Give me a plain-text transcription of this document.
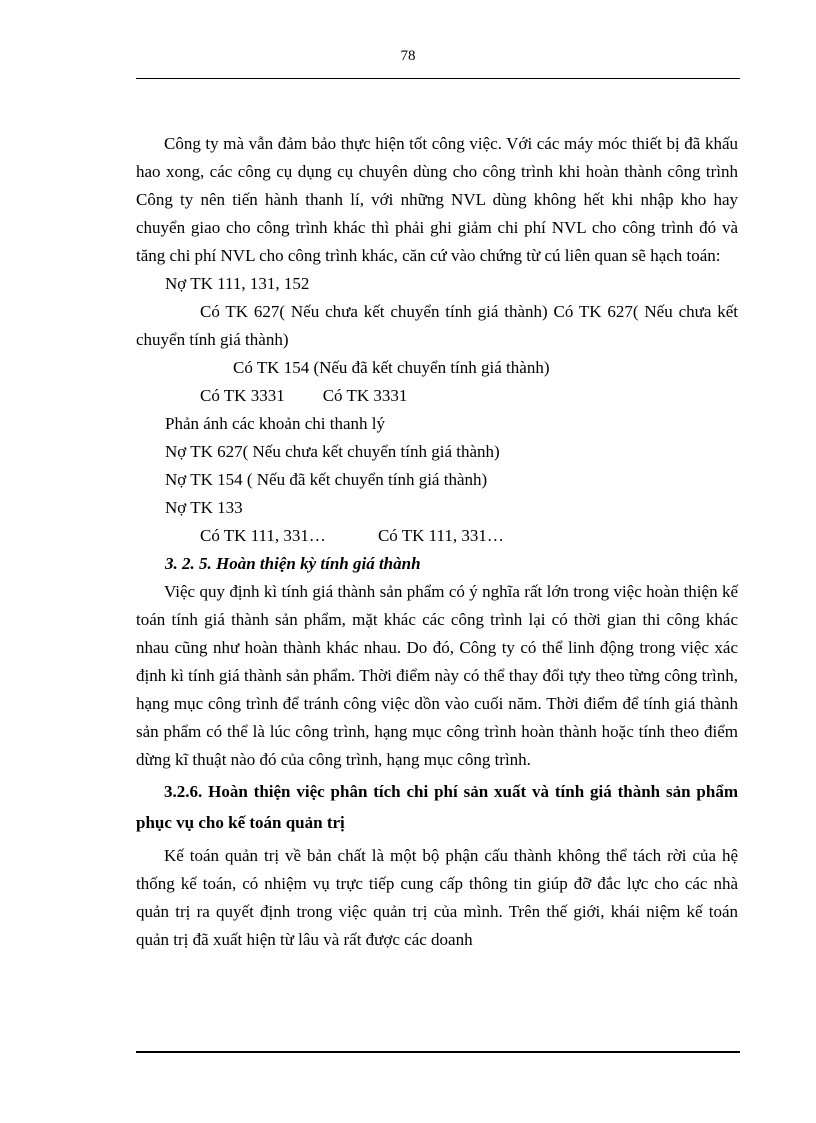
78

Công ty mà vẫn đảm bảo thực hiện tốt công việc. Với các máy móc thiết bị đã khấu hao xong, các công cụ dụng cụ chuyên dùng cho công trình khi hoàn thành công trình Công ty nên tiến hành thanh lí, với những NVL dùng không hết khi nhập kho hay chuyển giao cho công trình khác thì phải ghi giảm chi phí NVL cho công trình đó và tăng chi phí NVL cho công trình khác, căn cứ vào chứng từ cú liên quan sẽ hạch toán:

Nợ TK 111, 131, 152

Có TK 627( Nếu chưa kết chuyển tính giá thành) Có TK 627( Nếu chưa kết chuyển tính giá thành)

Có TK 154 (Nếu đã kết chuyển tính giá thành)

Có TK 3331 Có TK 3331

Phản ánh các khoản chi thanh lý

Nợ TK 627( Nếu chưa kết chuyển tính giá thành)

Nợ TK 154 ( Nếu đã kết chuyển tính giá thành)

Nợ TK 133

Có TK 111, 331…	Có TK 111, 331…

3. 2. 5. Hoàn thiện kỳ tính giá thành

Việc quy định kì tính giá thành sản phẩm có ý nghĩa rất lớn trong việc hoàn thiện kế toán tính giá thành sản phẩm, mặt khác các công trình lại có thời gian thi công khác nhau cũng như hoàn thành khác nhau. Do đó, Công ty có thể linh động trong việc xác định kì tính giá thành sản phẩm. Thời điểm này có thể thay đổi tựy theo từng công trình, hạng mục công trình để tránh công việc dồn vào cuối năm. Thời điểm để tính giá thành sản phẩm có thể là lúc công trình, hạng mục công trình hoàn thành hoặc tính theo điểm dừng kĩ thuật nào đó của công trình, hạng mục công trình.

3.2.6. Hoàn thiện việc phân tích chi phí sản xuất và tính giá thành sản phẩm phục vụ cho kế toán quản trị

Kế toán quản trị về bản chất là một bộ phận cấu thành không thể tách rời của hệ thống kế toán, có nhiệm vụ trực tiếp cung cấp thông tin giúp đỡ đắc lực cho các nhà quản trị ra quyết định trong việc quản trị của mình. Trên thế giới, khái niệm kế toán quản trị đã xuất hiện từ lâu và rất được các doanh
